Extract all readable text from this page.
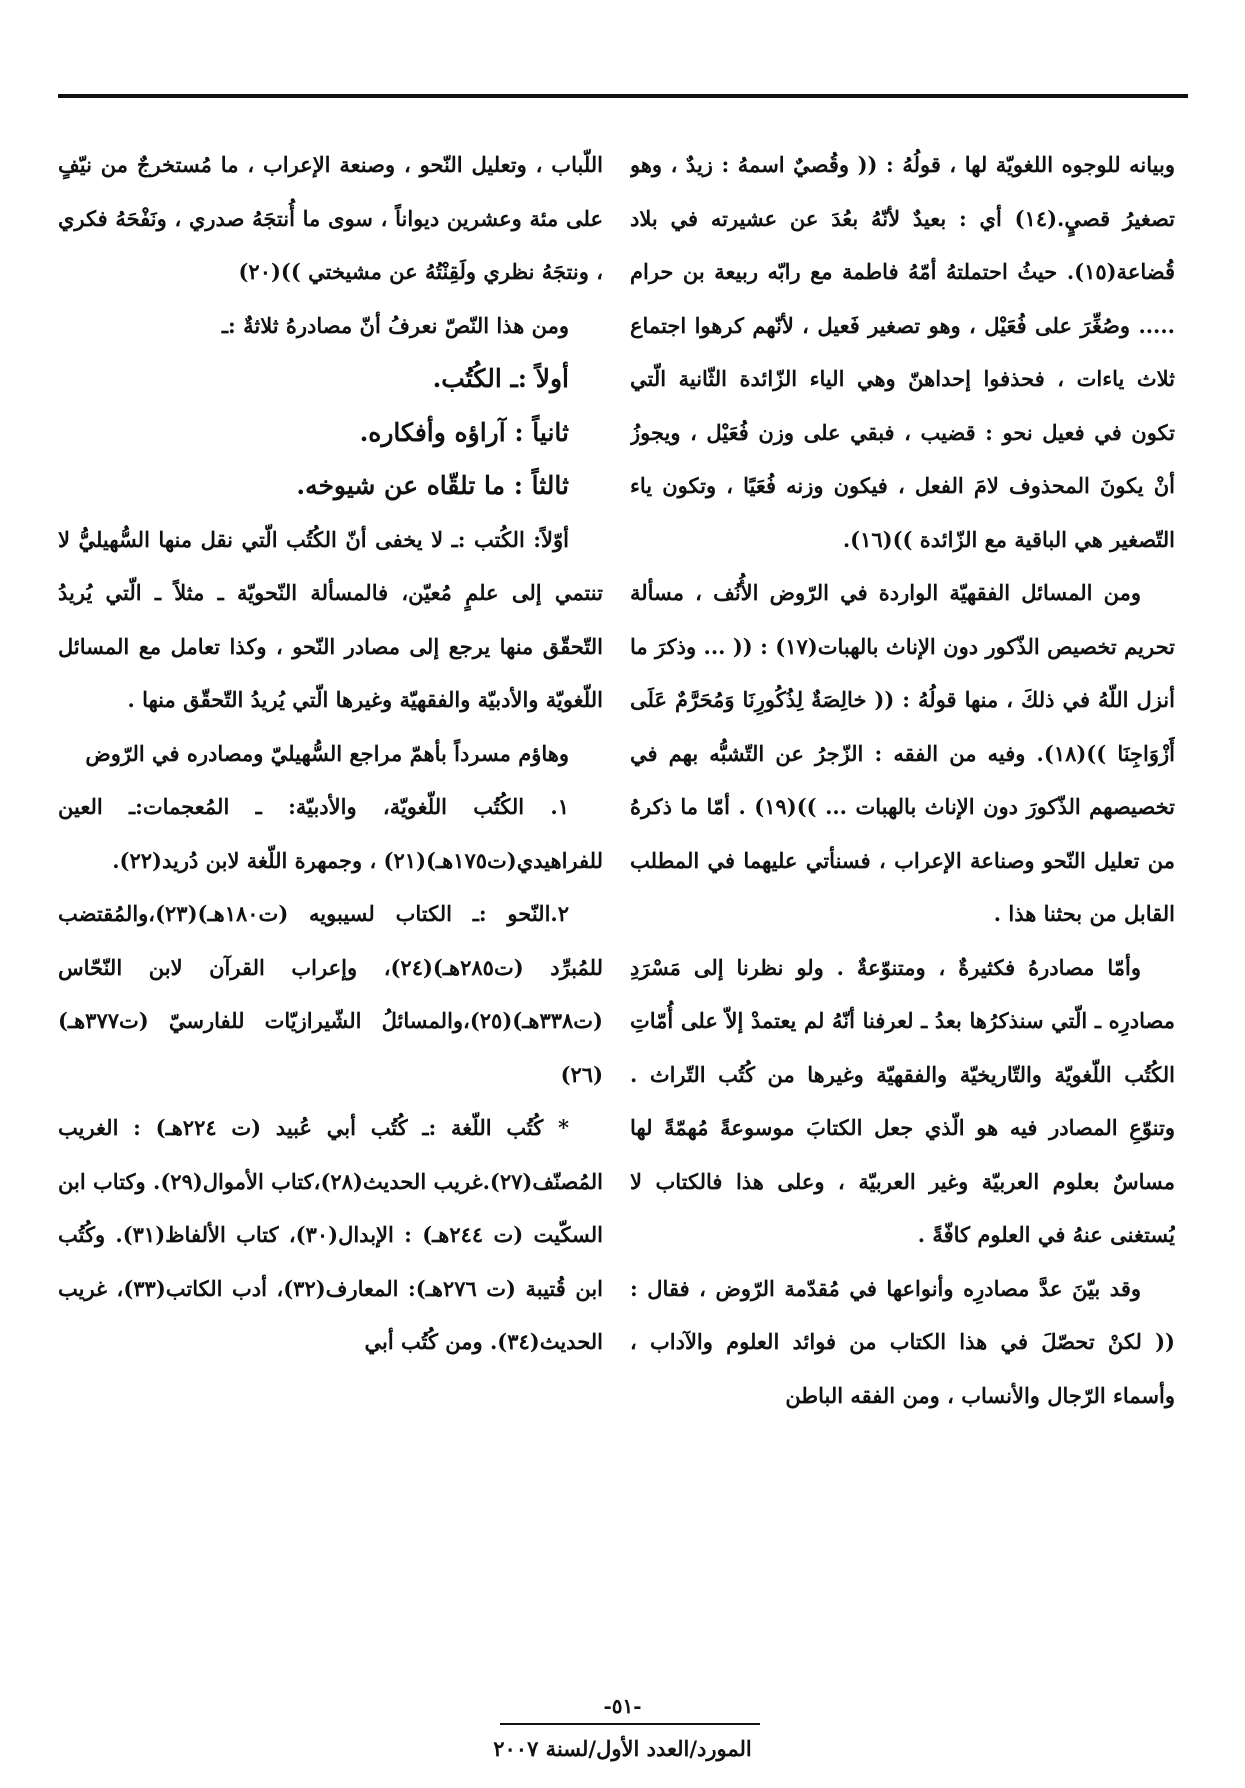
وبيانه للوجوه اللغويّة لها ، قولُهُ : (( وقُصيٌ اسمهُ : زيدٌ ، وهو تصغيرُ قصيٍ.(١٤) أي : بعيدٌ لأنّهُ بعُدَ عن عشيرته في بلاد قُضاعة(١٥). حيثُ احتملتهُ أمّهُ فاطمة مع رابّه ربيعة بن حرام ..... وصُغِّرَ على فُعَيْل ، وهو تصغير فَعيل ، لأنّهم كرهوا اجتماع ثلاث ياءات ، فحذفوا إحداهنّ وهي الياء الزّائدة الثّانية الّتي تكون في فعيل نحو : قضيب ، فبقي على وزن فُعَيْل ، ويجوزُ أنْ يكونَ المحذوف لامَ الفعل ، فيكون وزنه فُعَيًا ، وتكون ياء التّصغير هي الباقية مع الزّائدة ))(١٦).

ومن المسائل الفقهيّة الواردة في الرّوض الأُنُف ، مسألة تحريم تخصيص الذّكور دون الإناث بالهبات(١٧) : (( ... وذكرَ ما أنزل اللّهُ في ذلكَ ، منها قولُهُ : (( خالِصَةٌ لِذُكُورِنَا وَمُحَرَّمٌ عَلَى أَزْوَاجِنَا ))(١٨). وفيه من الفقه : الزّجرُ عن التّشبُّه بهم في تخصيصهم الذّكورَ دون الإناث بالهبات ... ))(١٩) . أمّا ما ذكرهُ من تعليل النّحو وصناعة الإعراب ، فسنأتي عليهما في المطلب القابل من بحثنا هذا .

وأمّا مصادرهُ فكثيرةٌ ، ومتنوّعةٌ . ولو نظرنا إلى مَسْرَدِ مصادرِه ـ الّتي سنذكرُها بعدُ ـ لعرفنا أنّهُ لم يعتمدْ إلاّ على أُمّاتِ الكُتُب اللّغويّة والتّاريخيّة والفقهيّة وغيرها من كُتُب التّراث . وتنوّعِ المصادر فيه هو الّذي جعل الكتابَ موسوعةً مُهمّةً لها مساسٌ بعلوم العربيّة وغير العربيّة ، وعلى هذا فالكتاب لا يُستغنى عنهُ في العلوم كافّةً .

وقد بيّنَ عدَّ مصادرِه وأنواعها في مُقدّمة الرّوض ، فقال : (( لكنْ تحصّلَ في هذا الكتاب من فوائد العلوم والآداب ، وأسماء الرّجال والأنساب ، ومن الفقه الباطن

اللّباب ، وتعليل النّحو ، وصنعة الإعراب ، ما مُستخرجٌ من نيّفٍ على مئة وعشرين ديواناً ، سوى ما أُنتجَهُ صدري ، ونَفْحَهُ فكري ، ونتجَهُ نظري ولَقِنْتُهُ عن مشيختي ))(٢٠)

ومن هذا النّصّ نعرفُ أنّ مصادرهُ ثلاثةٌ :ـ

أولاً :ـ الكُتُب.

ثانياً : آراؤه وأفكاره.

ثالثاً : ما تلقّاه عن شيوخه.

أوّلاً: الكُتب :ـ لا يخفى أنّ الكُتُب الّتي نقل منها السُّهيليُّ لا تنتمي إلى علمٍ مُعيّن، فالمسألة النّحويّة ـ مثلاً ـ الّتي يُريدُ التّحقّق منها يرجع إلى مصادر النّحو ، وكذا تعامل مع المسائل اللّغويّة والأدبيّة والفقهيّة وغيرها الّتي يُريدُ التّحقّق منها .

وهاؤم مسرداً بأهمّ مراجع السُّهيليّ ومصادره في الرّوض

١. الكُتُب اللّغويّة، والأدبيّة: ـ المُعجمات:ـ العين للفراهيدي(ت١٧٥هـ)(٢١) ، وجمهرة اللّغة لابن دُريد(٢٢).

٢.النّحو :ـ الكتاب لسيبويه (ت١٨٠هـ)(٢٣)،والمُقتضب للمُبرِّد (ت٢٨٥هـ)(٢٤)، وإعراب القرآن لابن النّحّاس (ت٣٣٨هـ)(٢٥)،والمسائلُ الشّيرازيّات للفارسيّ (ت٣٧٧هـ)(٢٦)

* كُتُب اللّغة :ـ كُتُب أبي عُبيد (ت ٢٢٤هـ) : الغريب المُصنّف(٢٧).غريب الحديث(٢٨)،كتاب الأموال(٢٩). وكتاب ابن السكّيت (ت ٢٤٤هـ) : الإبدال(٣٠)، كتاب الألفاظ(٣١). وكُتُب ابن قُتيبة (ت ٢٧٦هـ): المعارف(٣٢)، أدب الكاتب(٣٣)، غريب الحديث(٣٤). ومن كُتُب أبي

-٥١-
المورد/العدد الأول/لسنة ٢٠٠٧
